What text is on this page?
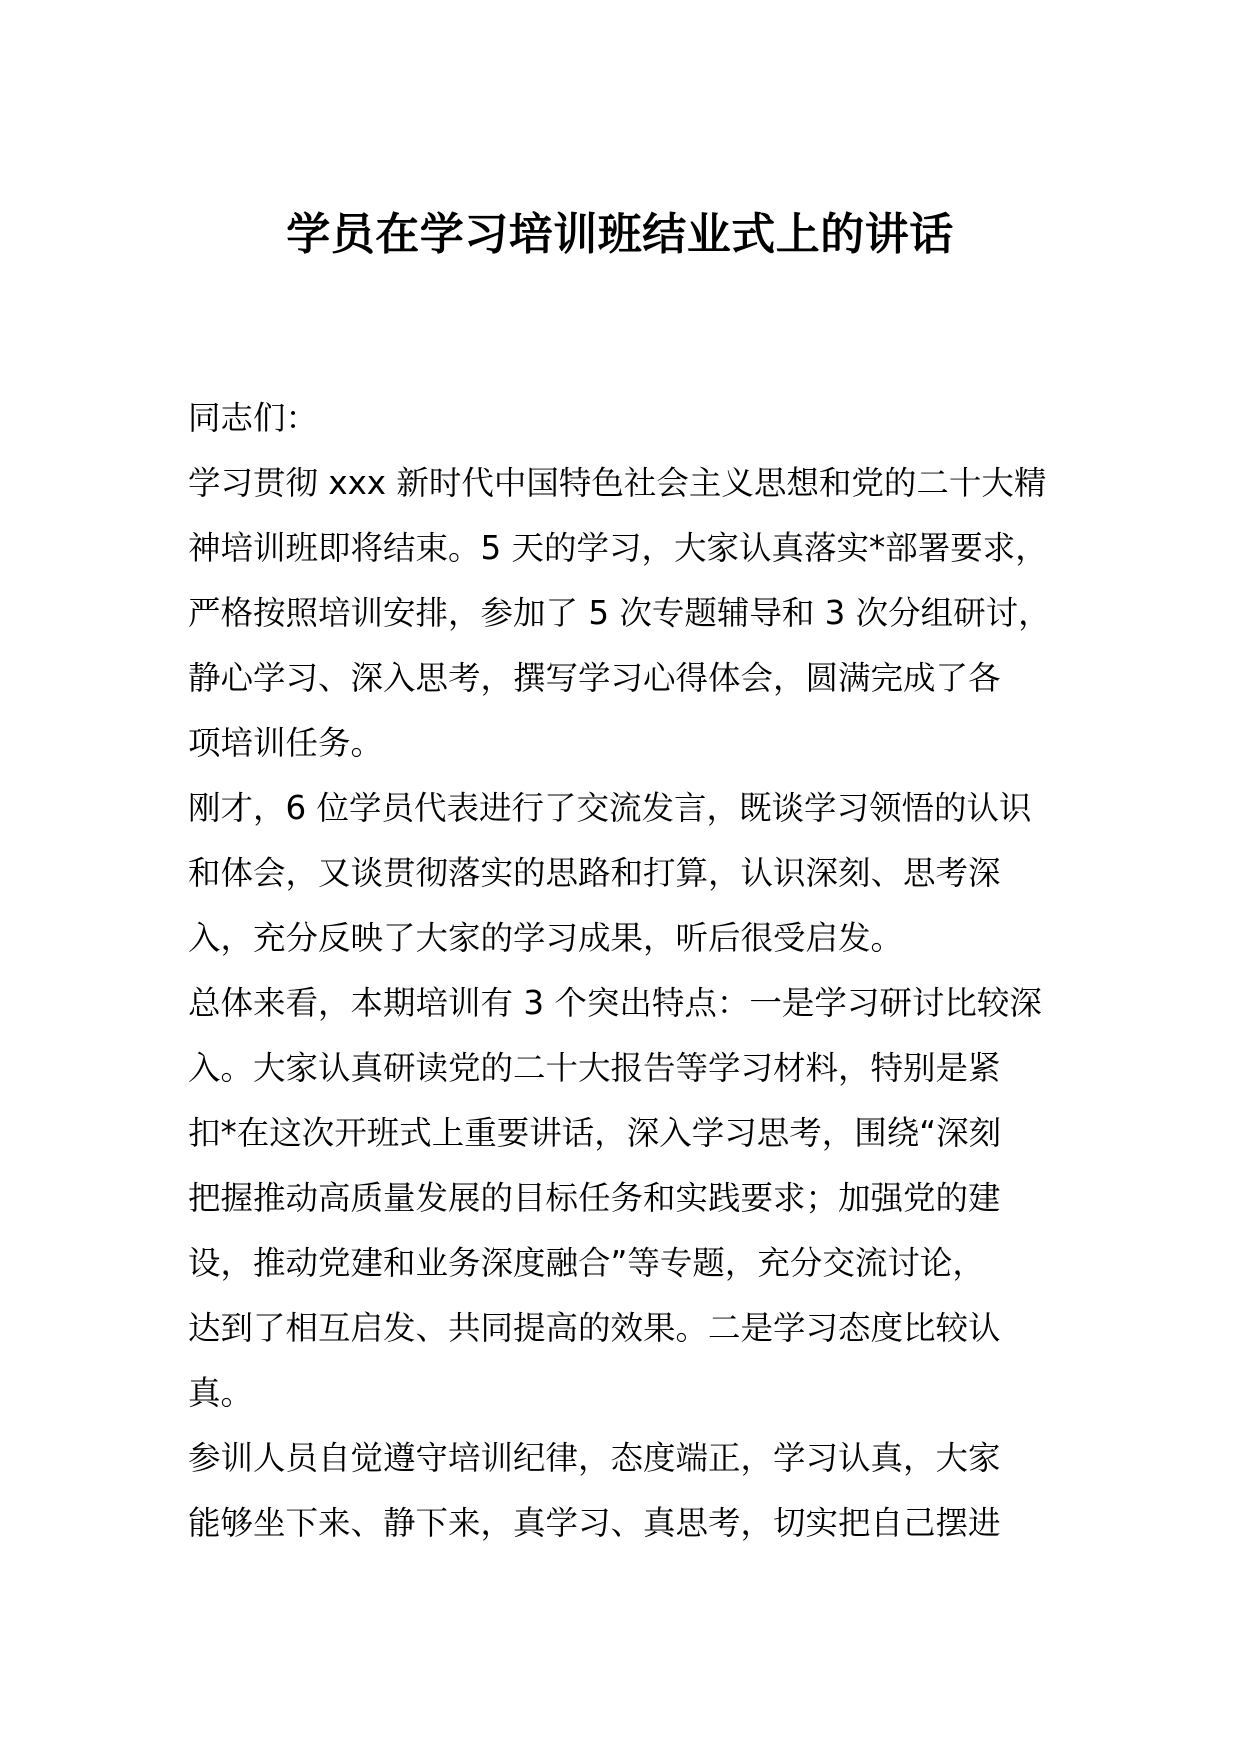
学员在学习培训班结业式上的讲话
同志们：
学习贯彻 xxx 新时代中国特色社会主义思想和党的二十大精
神培训班即将结束。5 天的学习，大家认真落实*部署要求，
严格按照培训安排，参加了 5 次专题辅导和 3 次分组研讨，
静心学习、深入思考，撰写学习心得体会，圆满完成了各
项培训任务。
刚才，6 位学员代表进行了交流发言，既谈学习领悟的认识
和体会，又谈贯彻落实的思路和打算，认识深刻、思考深
入，充分反映了大家的学习成果，听后很受启发。
总体来看，本期培训有 3 个突出特点：一是学习研讨比较深
入。大家认真研读党的二十大报告等学习材料，特别是紧
扣*在这次开班式上重要讲话，深入学习思考，围绕“深刻
把握推动高质量发展的目标任务和实践要求；加强党的建
设，推动党建和业务深度融合”等专题，充分交流讨论，
达到了相互启发、共同提高的效果。二是学习态度比较认
真。
参训人员自觉遵守培训纪律，态度端正，学习认真，大家
能够坐下来、静下来，真学习、真思考，切实把自己摆进
